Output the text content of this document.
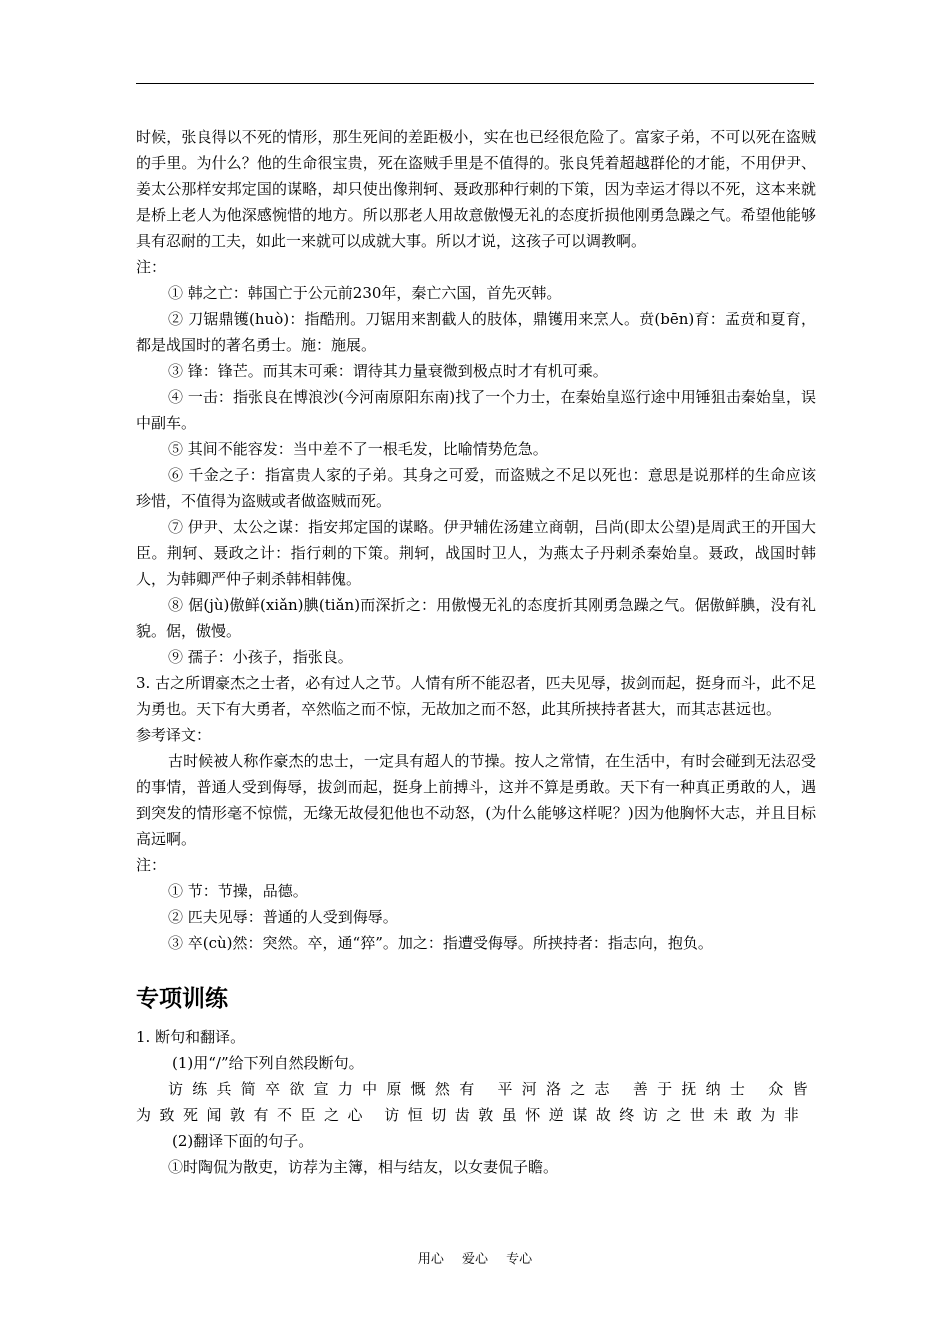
时候，张良得以不死的情形，那生死间的差距极小，实在也已经很危险了。富家子弟，不可以死在盗贼的手里。为什么？他的生命很宝贵，死在盗贼手里是不值得的。张良凭着超越群伦的才能，不用伊尹、姜太公那样安邦定国的谋略，却只使出像荆轲、聂政那种行刺的下策，因为幸运才得以不死，这本来就是桥上老人为他深感惋惜的地方。所以那老人用故意傲慢无礼的态度折损他刚勇急躁之气。希望他能够具有忍耐的工夫，如此一来就可以成就大事。所以才说，这孩子可以调教啊。

注：

① 韩之亡：韩国亡于公元前230年，秦亡六国，首先灭韩。

② 刀锯鼎镬(huò)：指酷刑。刀锯用来割截人的肢体，鼎镬用来烹人。贲(bēn)育：孟贲和夏育，都是战国时的著名勇士。施：施展。

③ 锋：锋芒。而其末可乘：谓待其力量衰微到极点时才有机可乘。

④ 一击：指张良在博浪沙(今河南原阳东南)找了一个力士，在秦始皇巡行途中用锤狙击秦始皇，误中副车。

⑤ 其间不能容发：当中差不了一根毛发，比喻情势危急。

⑥ 千金之子：指富贵人家的子弟。其身之可爱，而盗贼之不足以死也：意思是说那样的生命应该珍惜，不值得为盗贼或者做盗贼而死。

⑦ 伊尹、太公之谋：指安邦定国的谋略。伊尹辅佐汤建立商朝，吕尚(即太公望)是周武王的开国大臣。荆轲、聂政之计：指行刺的下策。荆轲，战国时卫人，为燕太子丹刺杀秦始皇。聂政，战国时韩人，为韩卿严仲子刺杀韩相韩傀。

⑧ 倨(jù)傲鲜(xiǎn)腆(tiǎn)而深折之：用傲慢无礼的态度折其刚勇急躁之气。倨傲鲜腆，没有礼貌。倨，傲慢。

⑨ 孺子：小孩子，指张良。

3. 古之所谓豪杰之士者，必有过人之节。人情有所不能忍者，匹夫见辱，拔剑而起，挺身而斗，此不足为勇也。天下有大勇者，卒然临之而不惊，无故加之而不怒，此其所挟持者甚大，而其志甚远也。

参考译文：

古时候被人称作豪杰的忠士，一定具有超人的节操。按人之常情，在生活中，有时会碰到无法忍受的事情，普通人受到侮辱，拔剑而起，挺身上前搏斗，这并不算是勇敢。天下有一种真正勇敢的人，遇到突发的情形毫不惊慌，无缘无故侵犯他也不动怒，(为什么能够这样呢？)因为他胸怀大志，并且目标高远啊。

注：

① 节：节操，品德。

② 匹夫见辱：普通的人受到侮辱。

③ 卒(cù)然：突然。卒，通“猝”。加之：指遭受侮辱。所挟持者：指志向，抱负。

专项训练

1. 断句和翻译。

(1)用“/”给下列自然段断句。

访练兵简卒欲宣力中原慨然有 平河洛之志 善于抚纳士 众皆为致死闻敦有不臣之心 访恒切齿敦虽怀逆谋故终访之世未敢为非

(2)翻译下面的句子。

①时陶侃为散吏，访荐为主簿，相与结友，以女妻侃子瞻。

用心 爱心 专心
